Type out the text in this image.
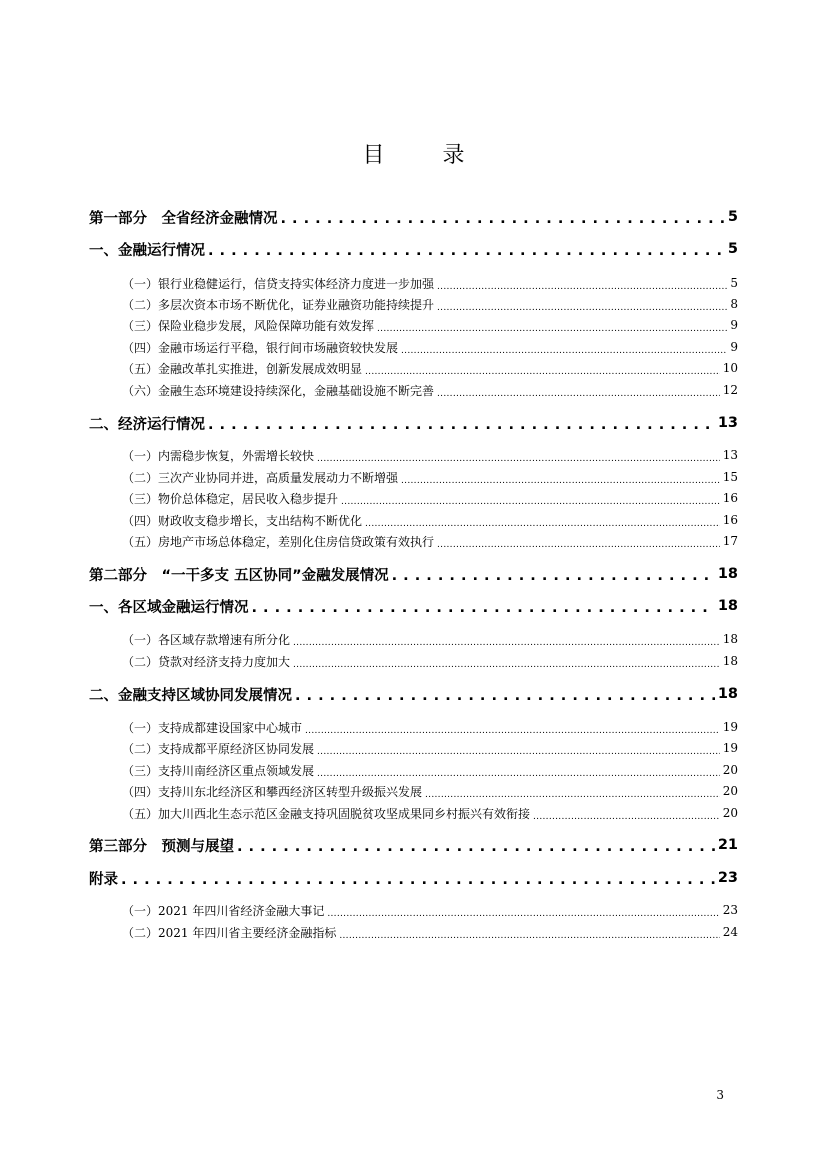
目　录
第一部分　全省经济金融情况 . . .	5
一、金融运行情况 . . .	5
（一）银行业稳健运行，信贷支持实体经济力度进一步加强 .....	5
（二）多层次资本市场不断优化，证券业融资功能持续提升 .....	8
（三）保险业稳步发展，风险保障功能有效发挥 .....	9
（四）金融市场运行平稳，银行间市场融资较快发展 .....	9
（五）金融改革扎实推进，创新发展成效明显 .....	10
（六）金融生态环境建设持续深化，金融基础设施不断完善 .....	12
二、经济运行情况 . . .	13
（一）内需稳步恢复，外需增长较快 .....	13
（二）三次产业协同并进，高质量发展动力不断增强 .....	15
（三）物价总体稳定，居民收入稳步提升 .....	16
（四）财政收支稳步增长，支出结构不断优化 .....	16
（五）房地产市场总体稳定，差别化住房信贷政策有效执行 .....	17
第二部分　“一干多支 五区协同”金融发展情况 . . .	18
一、各区域金融运行情况 . . .	18
（一）各区域存款增速有所分化 .....	18
（二）贷款对经济支持力度加大 .....	18
二、金融支持区域协同发展情况 . . .	18
（一）支持成都建设国家中心城市 .....	19
（二）支持成都平原经济区协同发展 .....	19
（三）支持川南经济区重点领域发展 .....	20
（四）支持川东北经济区和攀西经济区转型升级振兴发展 .....	20
（五）加大川西北生态示范区金融支持巩固脱贫攻坚成果同乡村振兴有效衔接 .....	20
第三部分　预测与展望 . . .	21
附录 . . .	23
（一）2021 年四川省经济金融大事记 .....	23
（二）2021 年四川省主要经济金融指标 .....	24
3
